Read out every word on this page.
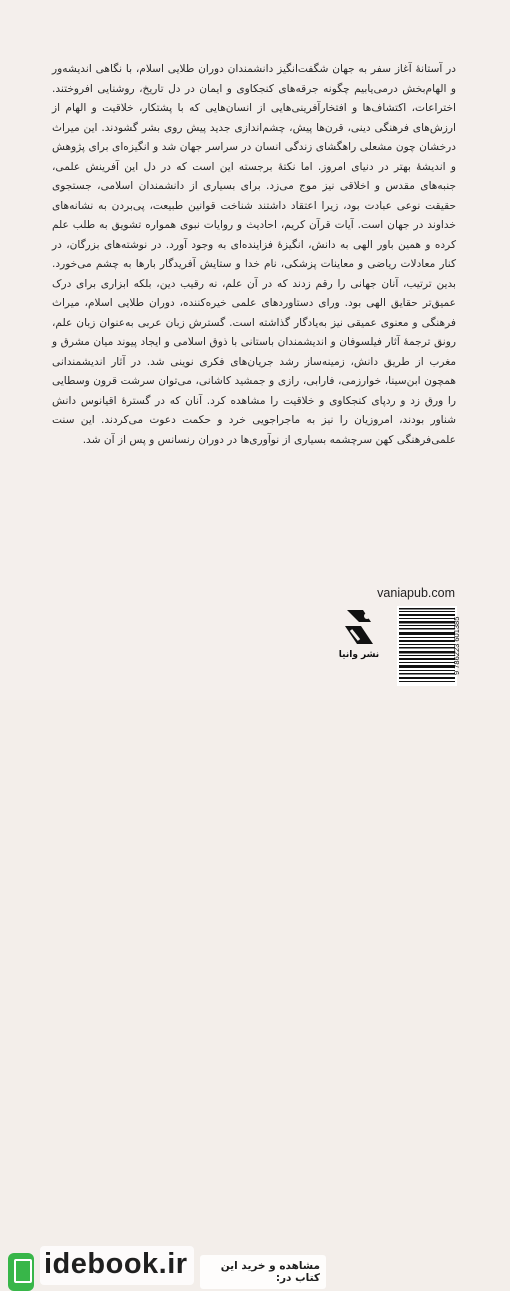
در آستانهٔ آغاز سفر به جهان شگفت‌انگیز دانشمندان دوران طلایی اسلام، با نگاهی اندیشه‌ور و الهام‌بخش درمی‌یابیم چگونه جرقه‌های کنجکاوی و ایمان در دل تاریخ، روشنایی افروختند. اختراعات، اکتشاف‌ها و افتخارآفرینی‌هایی از انسان‌هایی که با پشتکار، خلاقیت و الهام از ارزش‌های فرهنگی دینی، قرن‌ها پیش، چشم‌اندازی جدید پیش روی بشر گشودند. این میراث درخشان چون مشعلی راهگشای زندگی انسان در سراسر جهان شد و انگیزه‌ای برای پژوهش و اندیشهٔ بهتر در دنیای امروز. اما نکتهٔ برجسته این است که در دل این آفرینش علمی، جنبه‌های مقدس و اخلاقی نیز موج می‌زد. برای بسیاری از دانشمندان اسلامی، جستجوی حقیقت نوعی عبادت بود، زیرا اعتقاد داشتند شناخت قوانین طبیعت، پی‌بردن به نشانه‌های خداوند در جهان است. آیات قرآن کریم، احادیث و روایات نبوی همواره تشویق به طلب علم کرده و همین باور الهی به دانش، انگیزهٔ فزاینده‌ای به وجود آورد. در نوشته‌های بزرگان، در کنار معادلات ریاضی و معاینات پزشکی، نام خدا و ستایش آفریدگار بارها به چشم می‌خورد. بدین ترتیب، آنان جهانی را رقم زدند که در آن علم، نه رقیب دین، بلکه ابزاری برای درک عمیق‌تر حقایق الهی بود. ورای دستاوردهای علمی خیره‌کننده، دوران طلایی اسلام، میراث فرهنگی و معنوی عمیقی نیز به‌یادگار گذاشته است. گسترش زبان عربی به‌عنوان زبان علم، رونق ترجمهٔ آثار فیلسوفان و اندیشمندان باستانی با ذوق اسلامی و ایجاد پیوند میان مشرق و مغرب از طریق دانش، زمینه‌ساز رشد جریان‌های فکری نوینی شد. در آثار اندیشمندانی همچون ابن‌سینا، خوارزمی، فارابی، رازی و جمشید کاشانی، می‌توان سرشت قرون وسطایی را ورق زد و ردپای کنجکاوی و خلاقیت را مشاهده کرد. آنان که در گسترهٔ اقیانوس دانش شناور بودند، امروزیان را نیز به ماجراجویی خرد و حکمت دعوت می‌کردند. این سنت علمی‌فرهنگی کهن سرچشمه بسیاری از نوآوری‌ها در دوران رنسانس و پس از آن شد.

vaniapub.com
9 786223 601385
نشر وانیا
idebook.ir	مشاهده و خرید این کتاب در:
